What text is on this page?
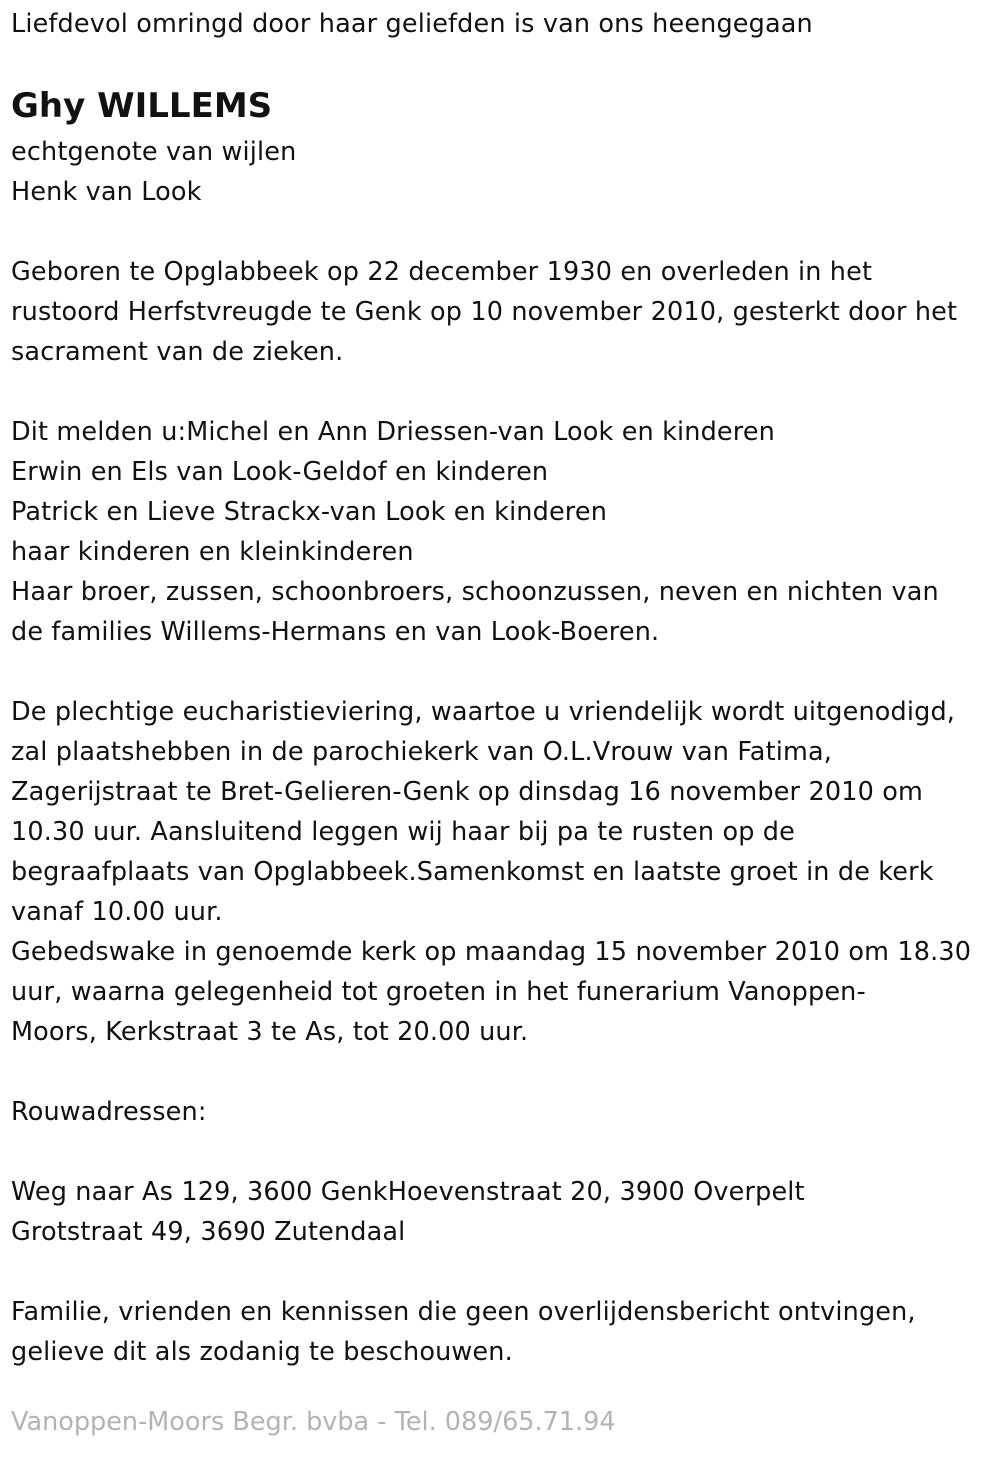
Liefdevol omringd door haar geliefden is van ons heengegaan
Ghy WILLEMS
echtgenote van wijlen
Henk van Look
Geboren te Opglabbeek op 22 december 1930 en overleden in het
rustoord Herfstvreugde te Genk op 10 november 2010, gesterkt door het
sacrament van de zieken.
Dit melden u:Michel en Ann Driessen-van Look en kinderen
Erwin en Els van Look-Geldof en kinderen
Patrick en Lieve Strackx-van Look en kinderen
haar kinderen en kleinkinderen
Haar broer, zussen, schoonbroers, schoonzussen, neven en nichten van
de families Willems-Hermans en van Look-Boeren.
De plechtige eucharistieviering, waartoe u vriendelijk wordt uitgenodigd,
zal plaatshebben in de parochiekerk van O.L.Vrouw van Fatima,
Zagerijstraat te Bret-Gelieren-Genk op dinsdag 16 november 2010 om
10.30 uur. Aansluitend leggen wij haar bij pa te rusten op de
begraafplaats van Opglabbeek.Samenkomst en laatste groet in de kerk
vanaf 10.00 uur.
Gebedswake in genoemde kerk op maandag 15 november 2010 om 18.30
uur, waarna gelegenheid tot groeten in het funerarium Vanoppen-
Moors, Kerkstraat 3 te As, tot 20.00 uur.
Rouwadressen:
Weg naar As 129, 3600 GenkHoevenstraat 20, 3900 Overpelt
Grotstraat 49, 3690 Zutendaal
Familie, vrienden en kennissen die geen overlijdensbericht ontvingen,
gelieve dit als zodanig te beschouwen.
Vanoppen-Moors Begr. bvba - Tel. 089/65.71.94
